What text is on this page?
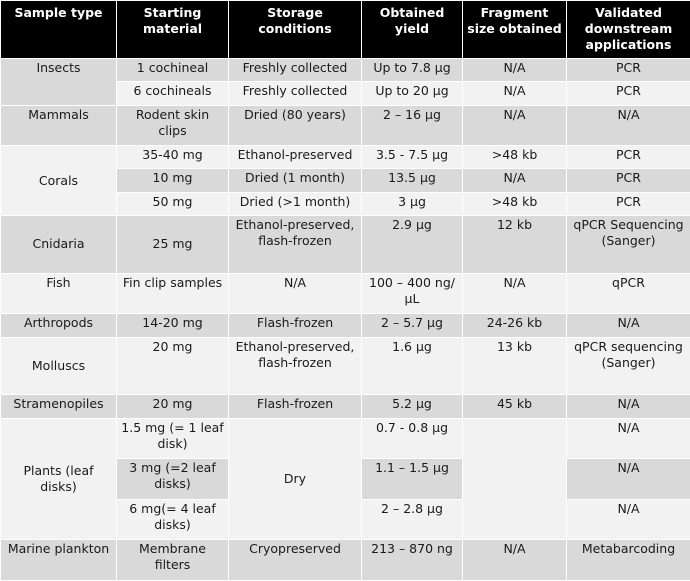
Sample type	Starting material	Storage conditions	Obtained yield	Fragment size obtained	Validated downstream applications
Insects	1 cochineal	Freshly collected	Up to 7.8 µg	N/A	PCR
	6 cochineals	Freshly collected	Up to 20 µg	N/A	PCR
Mammals	Rodent skin clips	Dried (80 years)	2 – 16 µg	N/A	N/A
Corals	35-40 mg	Ethanol-preserved	3.5 - 7.5 µg	>48 kb	PCR
	10 mg	Dried (1 month)	13.5 µg	N/A	PCR
	50 mg	Dried (>1 month)	3 µg	>48 kb	PCR
Cnidaria	25 mg	Ethanol-preserved, flash-frozen	2.9 µg	12 kb	qPCR Sequencing (Sanger)
Fish	Fin clip samples	N/A	100 – 400 ng/µL	N/A	qPCR
Arthropods	14-20 mg	Flash-frozen	2 – 5.7 µg	24-26 kb	N/A
Molluscs	20 mg	Ethanol-preserved, flash-frozen	1.6 µg	13 kb	qPCR sequencing (Sanger)
Stramenopiles	20 mg	Flash-frozen	5.2 µg	45 kb	N/A
Plants (leaf disks)	1.5 mg (= 1 leaf disk)	Dry	0.7 - 0.8 µg		N/A
	3 mg (=2 leaf disks)		1.1 – 1.5 µg		N/A
	6 mg(= 4 leaf disks)		2 – 2.8 µg		N/A
Marine plankton	Membrane filters	Cryopreserved	213 – 870 ng	N/A	Metabarcoding
